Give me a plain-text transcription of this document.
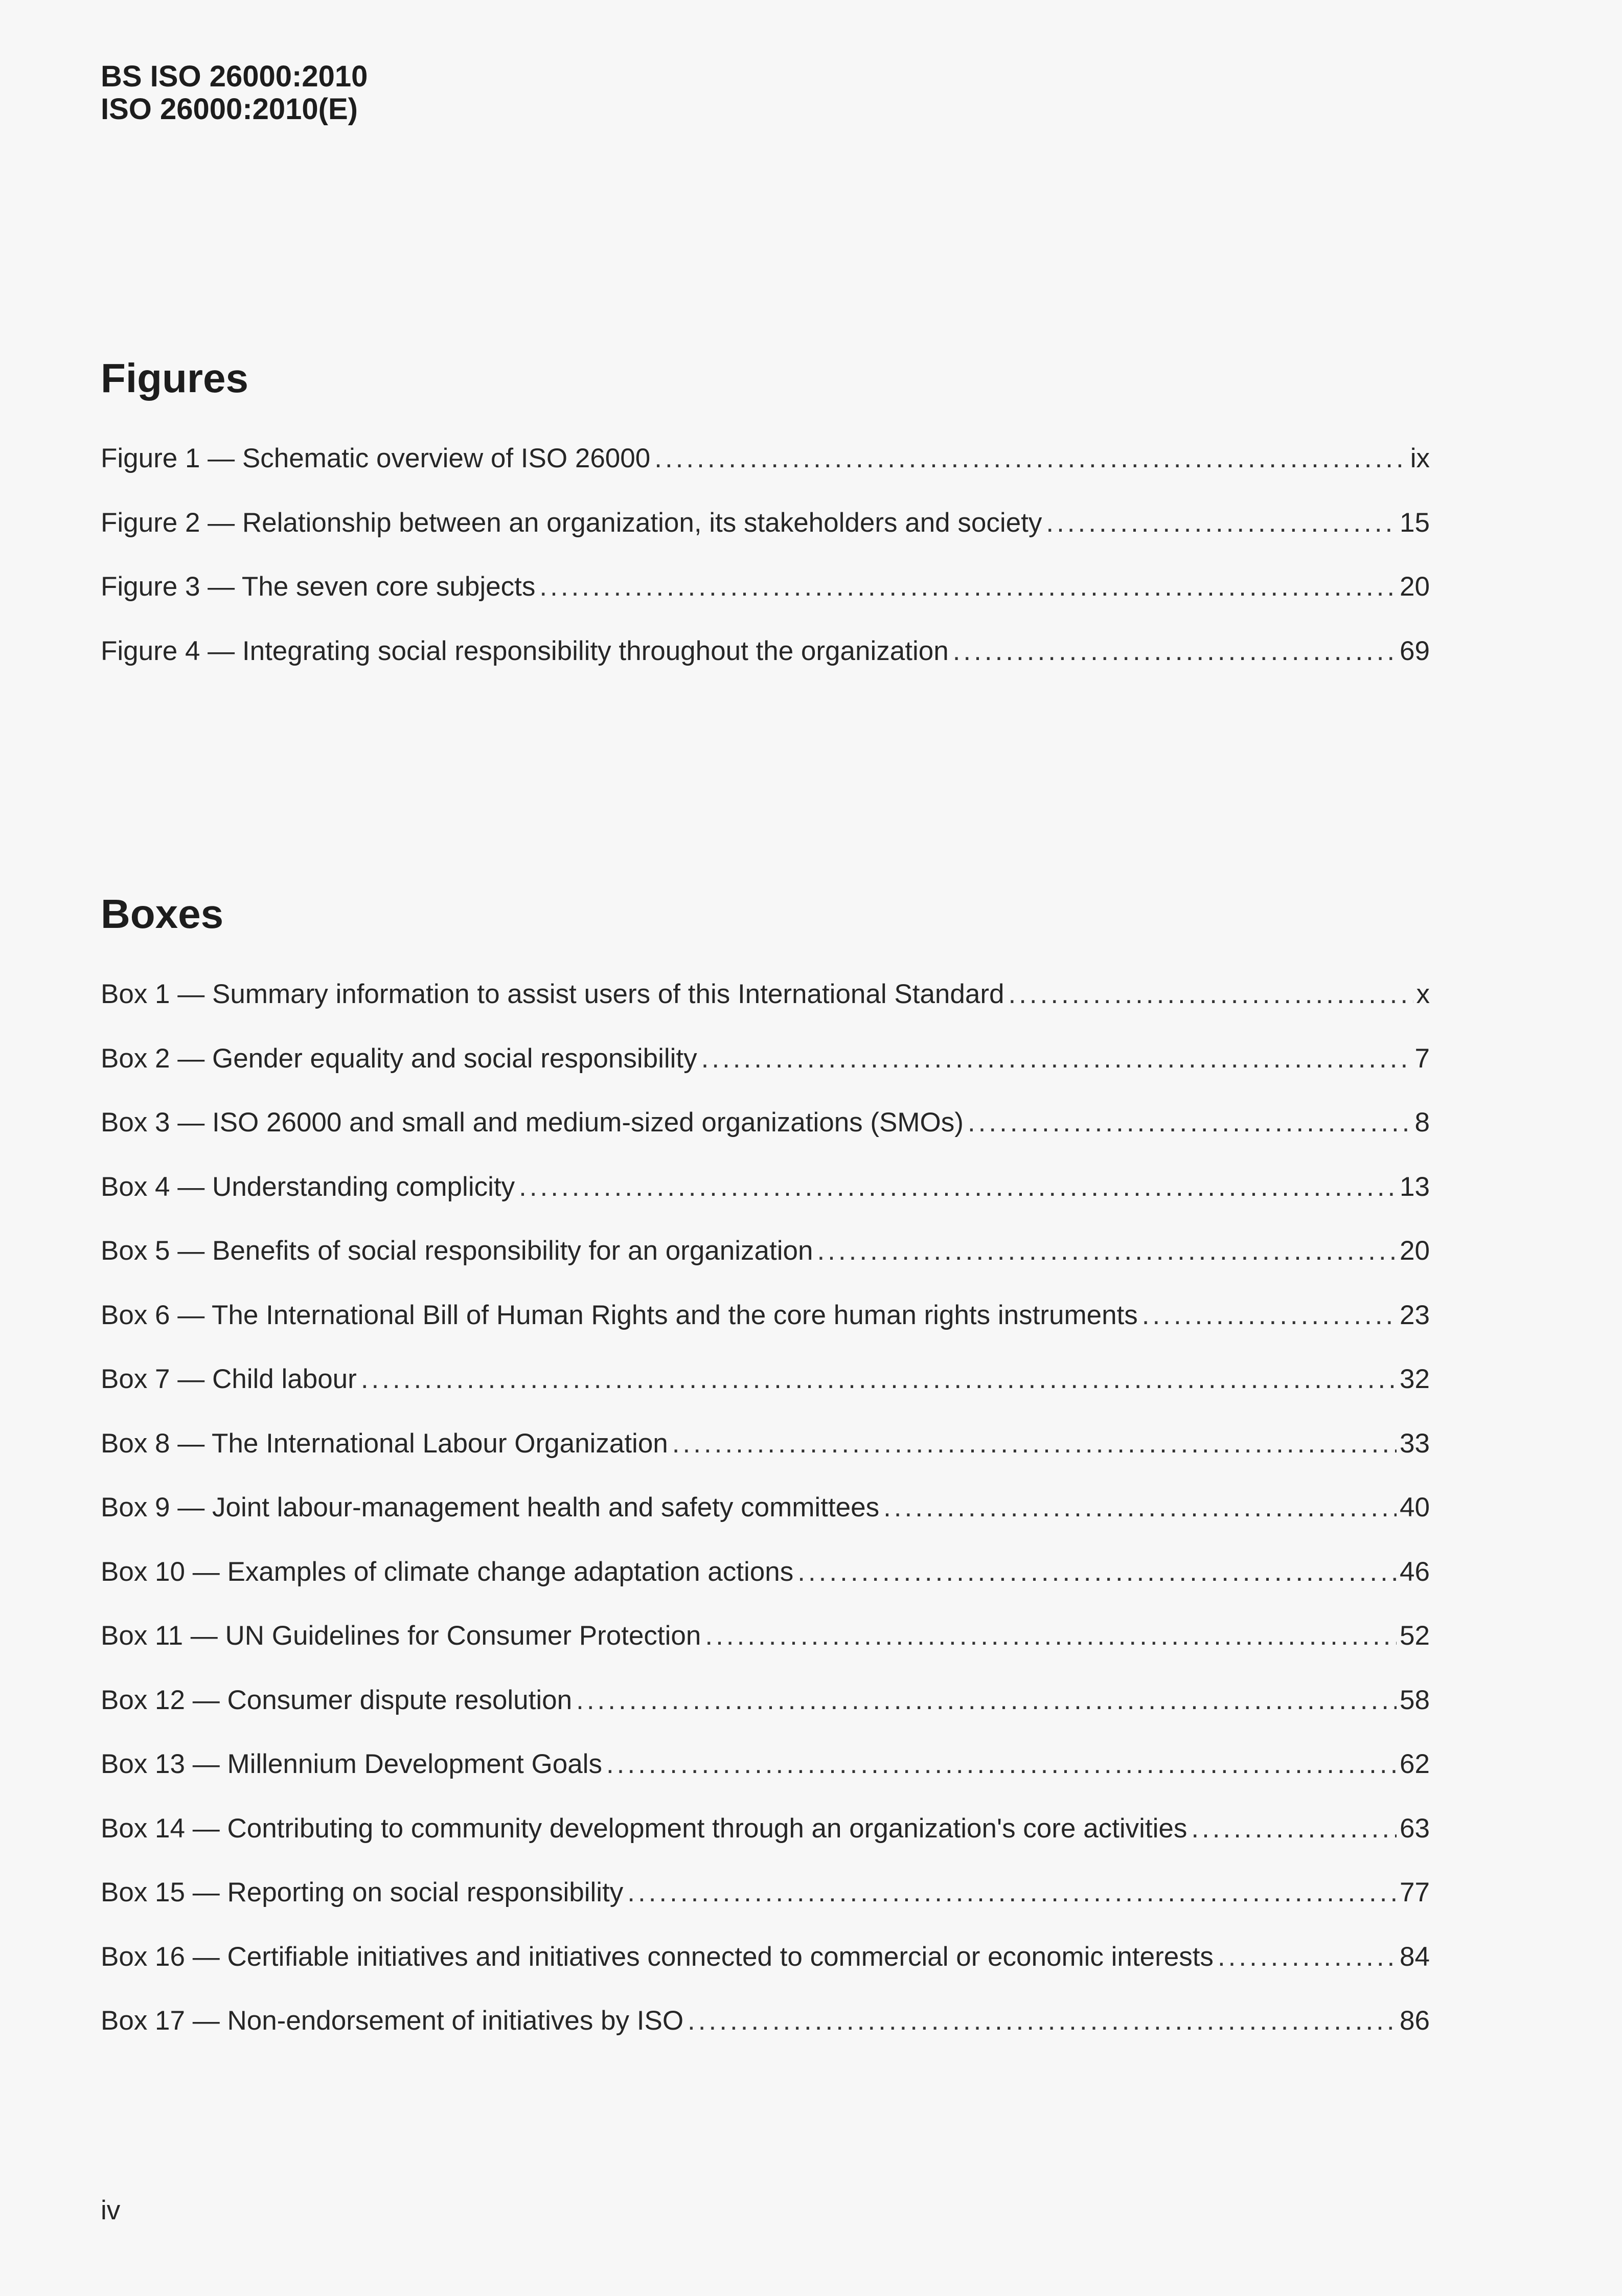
BS ISO 26000:2010
ISO 26000:2010(E)
Figures
Figure 1 — Schematic overview of ISO 26000 .....	ix
Figure 2 — Relationship between an organization, its stakeholders and society .....	15
Figure 3 — The seven core subjects .....	20
Figure 4 — Integrating social responsibility throughout the organization .....	69
Boxes
Box 1 — Summary information to assist users of this International Standard .....	x
Box 2 — Gender equality and social responsibility .....	7
Box 3 — ISO 26000 and small and medium-sized organizations (SMOs) .....	8
Box 4 — Understanding complicity .....	13
Box 5 — Benefits of social responsibility for an organization .....	20
Box 6 — The International Bill of Human Rights and the core human rights instruments .....	23
Box 7 — Child labour .....	32
Box 8 — The International Labour Organization .....	33
Box 9 — Joint labour-management health and safety committees .....	40
Box 10 — Examples of climate change adaptation actions .....	46
Box 11 — UN Guidelines for Consumer Protection .....	52
Box 12 — Consumer dispute resolution .....	58
Box 13 — Millennium Development Goals .....	62
Box 14 — Contributing to community development through an organization's core activities .....	63
Box 15 — Reporting on social responsibility .....	77
Box 16 — Certifiable initiatives and initiatives connected to commercial or economic interests .....	84
Box 17 — Non-endorsement of initiatives by ISO .....	86
iv
